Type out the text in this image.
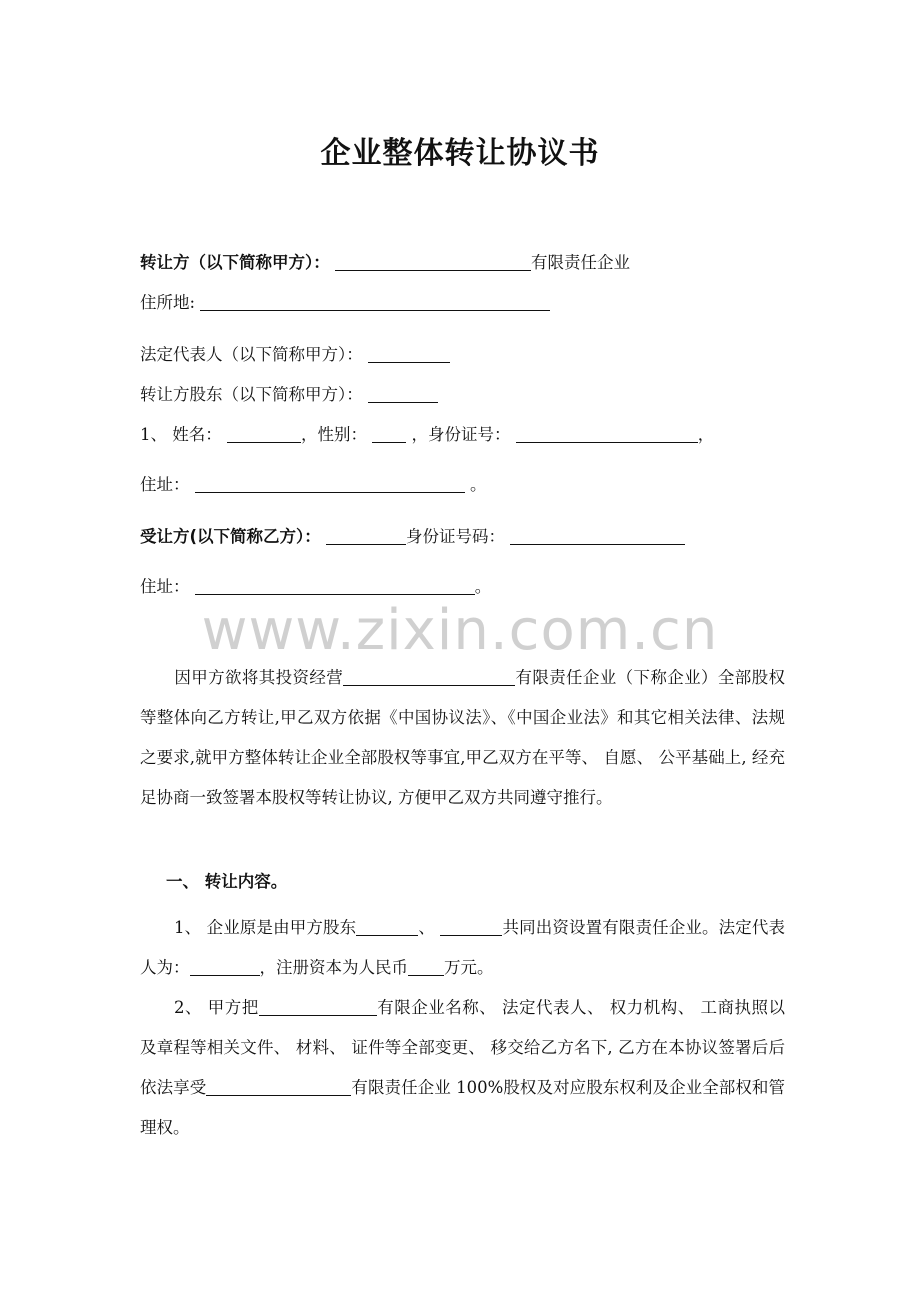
企业整体转让协议书
转让方（以下简称甲方）：	有限责任企业
住所地:
法定代表人（以下简称甲方）：
转让方股东（以下简称甲方）：
1、 姓名：	，性别：	，身份证号：	，
住址：	。
受让方(以下简称乙方）：	身份证号码：
住址：	。
www.zixin.com.cn
因甲方欲将其投资经营	有限责任企业（下称企业）全部股权等整体向乙方转让,甲乙双方依据《中国协议法》、《中国企业法》和其它相关法律、法规之要求,就甲方整体转让企业全部股权等事宜,甲乙双方在平等、 自愿、 公平基础上, 经充足协商一致签署本股权等转让协议, 方便甲乙双方共同遵守推行。
一、 转让内容。
1、 企业原是由甲方股东	、	共同出资设置有限责任企业。法定代表人为：	，注册资本为人民币 万元。
2、 甲方把	有限企业名称、 法定代表人、 权力机构、 工商执照以及章程等相关文件、 材料、 证件等全部变更、 移交给乙方名下, 乙方在本协议签署后后依法享受	有限责任企业 100%股权及对应股东权利及企业全部权和管理权。
